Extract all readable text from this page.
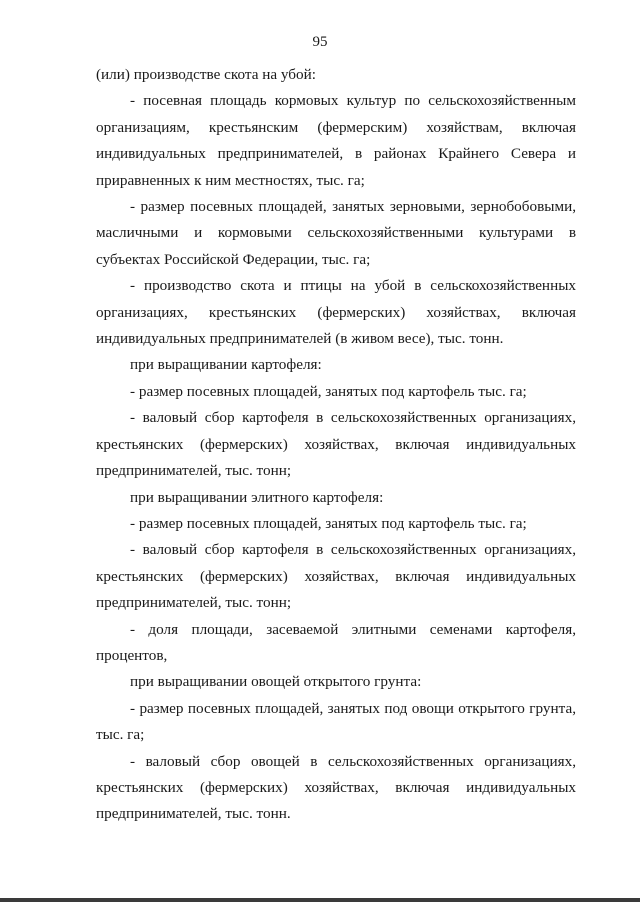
95

(или) производстве скота на убой:

- посевная площадь кормовых культур по сельскохозяйственным организациям, крестьянским (фермерским) хозяйствам, включая индивидуальных предпринимателей, в районах Крайнего Севера и приравненных к ним местностях, тыс. га;

- размер посевных площадей, занятых зерновыми, зернобобовыми, масличными и кормовыми сельскохозяйственными культурами в субъектах Российской Федерации, тыс. га;

- производство скота и птицы на убой в сельскохозяйственных организациях, крестьянских (фермерских) хозяйствах, включая индивидуальных предпринимателей (в живом весе), тыс. тонн.

при выращивании картофеля:

- размер посевных площадей, занятых под картофель тыс. га;

- валовый сбор картофеля в сельскохозяйственных организациях, крестьянских (фермерских) хозяйствах, включая индивидуальных предпринимателей, тыс. тонн;

при выращивании элитного картофеля:

- размер посевных площадей, занятых под картофель тыс. га;

- валовый сбор картофеля в сельскохозяйственных организациях, крестьянских (фермерских) хозяйствах, включая индивидуальных предпринимателей, тыс. тонн;

- доля площади, засеваемой элитными семенами картофеля, процентов,

при выращивании овощей открытого грунта:

- размер посевных площадей, занятых под овощи открытого грунта, тыс. га;

- валовый сбор овощей в сельскохозяйственных организациях, крестьянских (фермерских) хозяйствах, включая индивидуальных предпринимателей, тыс. тонн.
